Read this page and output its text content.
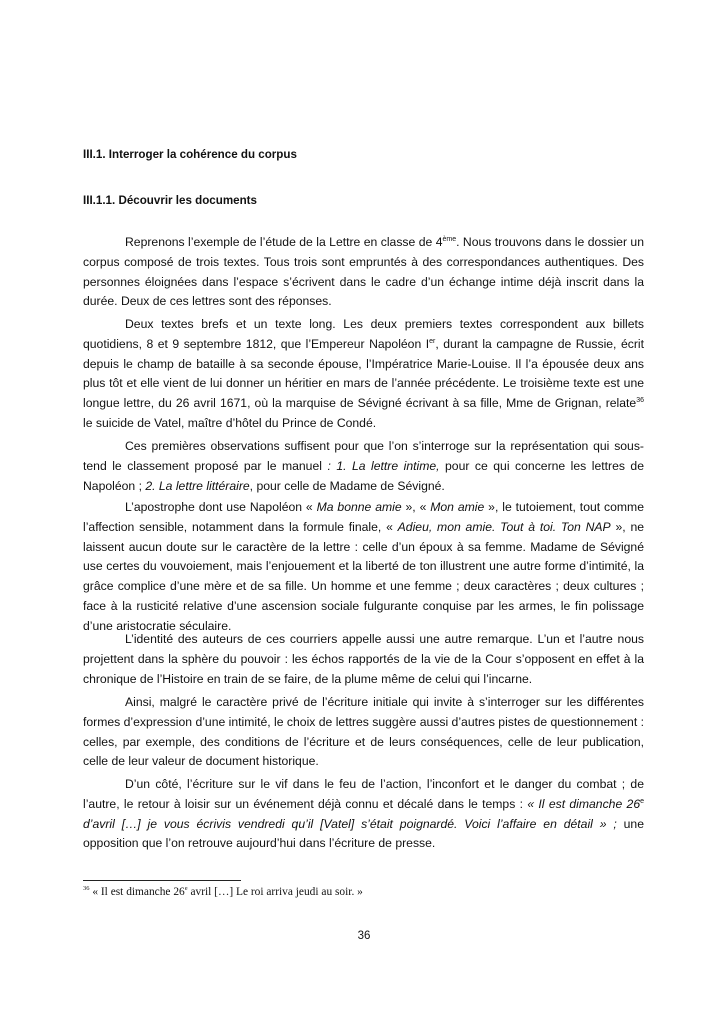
III.1. Interroger la cohérence du corpus
III.1.1. Découvrir les documents

Reprenons l’exemple de l’étude de la Lettre en classe de 4ème. Nous trouvons dans le dossier un corpus composé de trois textes. Tous trois sont empruntés à des correspondances authentiques. Des personnes éloignées dans l’espace s’écrivent dans le cadre d’un échange intime déjà inscrit dans la durée. Deux de ces lettres sont des réponses.

Deux textes brefs et un texte long. Les deux premiers textes correspondent aux billets quotidiens, 8 et 9 septembre 1812, que l’Empereur Napoléon Ier, durant la campagne de Russie, écrit depuis le champ de bataille à sa seconde épouse, l’Impératrice Marie-Louise. Il l’a épousée deux ans plus tôt et elle vient de lui donner un héritier en mars de l’année précédente. Le troisième texte est une longue lettre, du 26 avril 1671, où la marquise de Sévigné écrivant à sa fille, Mme de Grignan, relate$^{36}$ le suicide de Vatel, maître d’hôtel du Prince de Condé.

Ces premières observations suffisent pour que l’on s’interroge sur la représentation qui sous-tend le classement proposé par le manuel : 1. La lettre intime, pour ce qui concerne les lettres de Napoléon ; 2. La lettre littéraire, pour celle de Madame de Sévigné.

L’apostrophe dont use Napoléon « Ma bonne amie », « Mon amie », le tutoiement, tout comme l’affection sensible, notamment dans la formule finale, « Adieu, mon amie. Tout à toi. Ton NAP », ne laissent aucun doute sur le caractère de la lettre : celle d’un époux à sa femme. Madame de Sévigné use certes du vouvoiement, mais l’enjouement et la liberté de ton illustrent une autre forme d’intimité, la grâce complice d’une mère et de sa fille. Un homme et une femme ; deux caractères ; deux cultures ; face à la rusticité relative d’une ascension sociale fulgurante conquise par les armes, le fin polissage d’une aristocratie séculaire.

L’identité des auteurs de ces courriers appelle aussi une autre remarque. L’un et l’autre nous projettent dans la sphère du pouvoir : les échos rapportés de la vie de la Cour s’opposent en effet à la chronique de l’Histoire en train de se faire, de la plume même de celui qui l’incarne.

Ainsi, malgré le caractère privé de l’écriture initiale qui invite à s’interroger sur les différentes formes d’expression d’une intimité, le choix de lettres suggère aussi d’autres pistes de questionnement : celles, par exemple, des conditions de l’écriture et de leurs conséquences, celle de leur publication, celle de leur valeur de document historique.

D’un côté, l’écriture sur le vif dans le feu de l’action, l’inconfort et le danger du combat ; de l’autre, le retour à loisir sur un événement déjà connu et décalé dans le temps : « Il est dimanche 26e d’avril […] je vous écrivis vendredi qu’il [Vatel] s’était poignardé. Voici l’affaire en détail » ; une opposition que l’on retrouve aujourd’hui dans l’écriture de presse.

$^{36}$ « Il est dimanche 26e avril […] Le roi arriva jeudi au soir. »
36
